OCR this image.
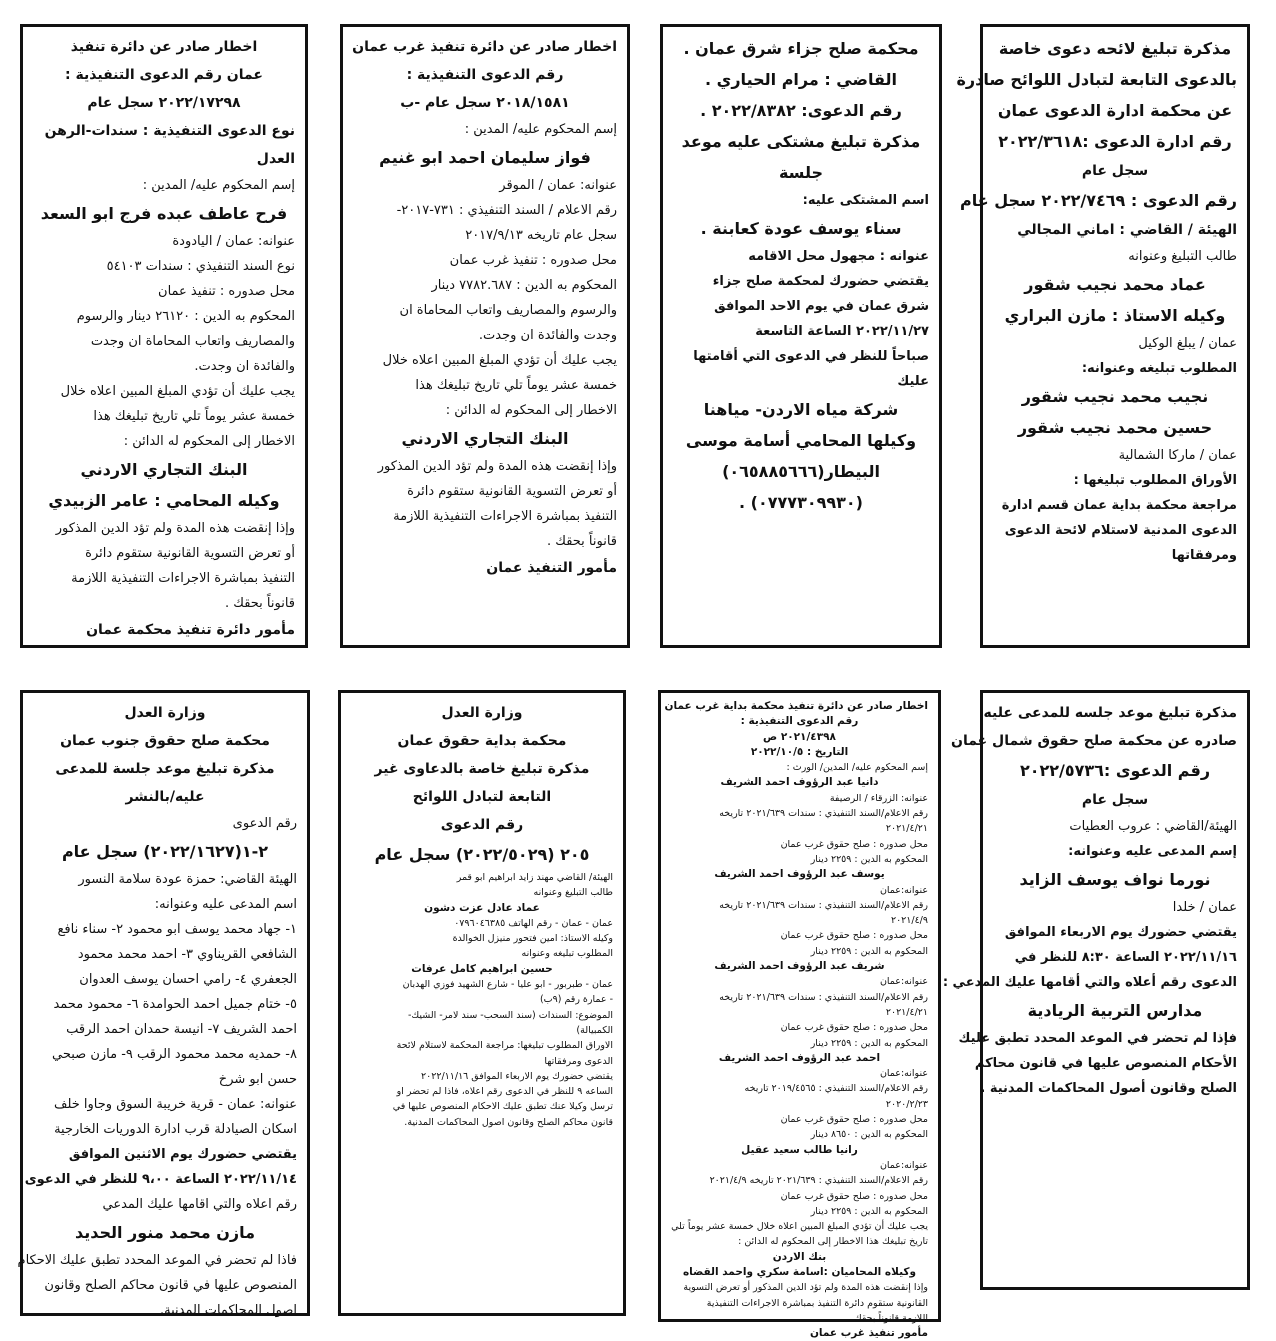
مذكرة تبليغ لائحه دعوى خاصة
بالدعوى التابعة لتبادل اللوائح صادرة
عن محكمة ادارة الدعوى عمان
رقم ادارة الدعوى :٢٠٢٢/٣٦١٨
سجل عام
رقم الدعوى : ٢٠٢٢/٧٤٦٩ سجل عام
الهيئة / القاضي : اماني المجالي
طالب التبليغ وعنوانه
عماد محمد نجيب شقور
وكيله الاستاذ : مازن البراري
عمان / يبلغ الوكيل
المطلوب تبليغه وعنوانه:
نجيب محمد نجيب شقور
حسين محمد نجيب شقور
عمان / ماركا الشمالية
الأوراق المطلوب تبليغها :
مراجعة محكمة بداية عمان قسم ادارة
الدعوى المدنية لاستلام لائحة الدعوى
ومرفقاتها
محكمة صلح جزاء شرق عمان .
القاضي : مرام الحياري .
رقم الدعوى: ٢٠٢٢/٨٣٨٢ .
مذكرة تبليغ مشتكى عليه موعد
جلسة
اسم المشتكى عليه:
سناء يوسف عودة كعابنة .
عنوانه : مجهول محل الاقامه
يقتضي حضورك لمحكمة صلح جزاء
شرق عمان في يوم الاحد الموافق
٢٠٢٢/١١/٢٧ الساعة التاسعة
صباحاً للنظر في الدعوى التي أقامتها
عليك
شركة مياه الاردن- مياهنا
وكيلها المحامي أسامة موسى
البيطار(٠٦٥٨٨٥٦٦٦)
(٠٧٧٧٣٠٩٩٣٠) .
اخطار صادر عن دائرة تنفيذ غرب عمان
رقم الدعوى التنفيذية :
٢٠١٨/١٥٨١ سجل عام -ب
إسم المحكوم عليه/ المدين :
فواز سليمان احمد ابو غنيم
عنوانه: عمان / الموقر
رقم الاعلام / السند التنفيذي : ٧٣١-٢٠١٧-
سجل عام تاريخه ٢٠١٧/٩/١٣
محل صدوره : تنفيذ غرب عمان
المحكوم به الدين : ٧٧٨٢.٦٨٧ دينار
والرسوم والمصاريف واتعاب المحاماة ان
وجدت والفائدة ان وجدت.
يجب عليك أن تؤدي المبلغ المبين اعلاه خلال
خمسة عشر يوماً تلي تاريخ تبليغك هذا
الاخطار إلى المحكوم له الدائن :
البنك التجاري الاردني
وإذا إنقضت هذه المدة ولم تؤد الدين المذكور
أو تعرض التسوية القانونية ستقوم دائرة
التنفيذ بمباشرة الاجراءات التنفيذية اللازمة
قانوناً بحقك .
مأمور التنفيذ عمان
اخطار صادر عن دائرة تنفيذ
عمان رقم الدعوى التنفيذية :
٢٠٢٢/١٧٢٩٨ سجل عام
نوع الدعوى التنفيذية : سندات-الرهن
العدل
إسم المحكوم عليه/ المدين :
فرح عاطف عبده فرج ابو السعد
عنوانه: عمان / اليادودة
نوع السند التنفيذي : سندات ٥٤١٠٣
محل صدوره : تنفيذ عمان
المحكوم به الدين : ٢٦١٢٠ دينار والرسوم
والمصاريف واتعاب المحاماة ان وجدت
والفائدة ان وجدت.
يجب عليك أن تؤدي المبلغ المبين اعلاه خلال
خمسة عشر يوماً تلي تاريخ تبليغك هذا
الاخطار إلى المحكوم له الدائن :
البنك التجاري الاردني
وكيله المحامي : عامر الزبيدي
وإذا إنقضت هذه المدة ولم تؤد الدين المذكور
أو تعرض التسوية القانونية ستقوم دائرة
التنفيذ بمباشرة الاجراءات التنفيذية اللازمة
قانوناً بحقك .
مأمور دائرة تنفيذ محكمة عمان
مذكرة تبليغ موعد جلسه للمدعى عليه
صادره عن محكمة صلح حقوق شمال عمان
رقم الدعوى :٢٠٢٢/٥٧٣٦
سجل عام
الهيئة/القاضي : عروب العطيات
إسم المدعى عليه وعنوانه:
نورما نواف يوسف الزايد
عمان / خلدا
يقتضي حضورك يوم الاربعاء الموافق
٢٠٢٢/١١/١٦ الساعة ٨:٣٠ للنظر في
الدعوى رقم أعلاه والتي أقامها عليك المدعي :
مدارس التربية الريادية
فإذا لم تحضر في الموعد المحدد تطبق عليك
الأحكام المنصوص عليها في قانون محاكم
الصلح وقانون أصول المحاكمات المدنية .
اخطار صادر عن دائرة تنفيذ محكمة بداية غرب عمان
رقم الدعوى التنفيذية :
٢٠٢١/٤٣٩٨ ص
التاريخ : ٢٠٢٢/١٠/٥
إسم المحكوم عليه/ المدين/ الورث :
دانيا عبد الرؤوف احمد الشريف
عنوانه: الزرقاء / الرصيفة
رقم الاعلام/السند التنفيذي : سندات ٢٠٢١/٦٣٩ تاريخه
٢٠٢١/٤/٢١
محل صدوره : صلح حقوق غرب عمان
المحكوم به الدين : ٢٢٥٩ دينار
يوسف عبد الرؤوف احمد الشريف
عنوانه:عمان
رقم الاعلام/السند التنفيذي : سندات ٢٠٢١/٦٣٩ تاريخه
٢٠٢١/٤/٩
محل صدوره : صلح حقوق غرب عمان
المحكوم به الدين : ٢٢٥٩ دينار
شريف عبد الرؤوف احمد الشريف
عنوانه:عمان
رقم الاعلام/السند التنفيذي : سندات ٢٠٢١/٦٣٩ تاريخه
٢٠٢١/٤/٢١
محل صدوره : صلح حقوق غرب عمان
المحكوم به الدين : ٢٢٥٩ دينار
احمد عبد الرؤوف احمد الشريف
عنوانه:عمان
رقم الاعلام/السند التنفيذي : ٢٠١٩/٤٥٦٥ تاريخه
٢٠٢٠/٢/٢٣
محل صدوره : صلح حقوق غرب عمان
المحكوم به الدين : ٨٦٥٠ دينار
رانيا طالب سعيد عقيل
عنوانه:عمان
رقم الاعلام/السند التنفيذي : ٢٠٢١/٦٣٩ تاريخه ٢٠٢١/٤/٩
محل صدوره : صلح حقوق غرب عمان
المحكوم به الدين : ٢٢٥٩ دينار
يجب عليك أن تؤدي المبلغ المبين اعلاه خلال خمسة عشر يوماً تلي
تاريخ تبليغك هذا الاخطار إلى المحكوم له الدائن :
بنك الاردن
وكيلاه المحاميان :اسامة سكري واحمد القضاه
وإذا إنقضت هذه المدة ولم تؤد الدين المذكور أو تعرض التسوية
القانونية ستقوم دائرة التنفيذ بمباشرة الاجراءات التنفيذية
اللازمة قانوناً بحقك .
مأمور تنفيذ غرب عمان
وزارة العدل
محكمة بداية حقوق عمان
مذكرة تبليغ خاصة بالدعاوى غير
التابعة لتبادل اللوائح
رقم الدعوى
٢٠٥ (٢٠٢٢/٥٠٢٩) سجل عام
الهيئة/ القاضي مهند زايد ابراهيم ابو قمر
طالب التبليغ وعنوانه
عماد عادل عزت دشون
عمان - عمان - رقم الهاتف ٠٧٩٦٠٤٦٣٨٥
وكيله الاستاذ: امين فتحور منيزل الخوالدة
المطلوب تبليغه وعنوانه
حسين ابراهيم كامل عرفات
عمان - طبربور - ابو عليا - شارع الشهيد فوزي الهدبان
- عمارة رقم (٩ب)
الموضوع: السندات (سند السحب- سند لامر- الشيك-
الكمبيالة)
الاوراق المطلوب تبليغها: مراجعة المحكمة لاستلام لائحة
الدعوى ومرفقاتها
يقتضي حضورك يوم الاربعاء الموافق ٢٠٢٢/١١/١٦
الساعه ٩ للنظر في الدعوى رقم اعلاه، فاذا لم تحضر او
ترسل وكيلا عنك تطبق عليك الاحكام المنصوص عليها في
قانون محاكم الصلح وقانون اصول المحاكمات المدنية.
وزارة العدل
محكمة صلح حقوق جنوب عمان
مذكرة تبليغ موعد جلسة للمدعى
عليه/بالنشر
رقم الدعوى
٢-١(٢٠٢٢/١٦٢٧) سجل عام
الهيئة القاضي: حمزة عودة سلامة النسور
اسم المدعى عليه وعنوانه:
١- جهاد محمد يوسف ابو محمود ٢- سناء نافع
الشافعي القريناوي ٣- احمد محمد محمود
الجعفري ٤- رامي احسان يوسف العدوان
٥- ختام جميل احمد الحوامدة ٦- محمود محمد
احمد الشريف ٧- انيسة حمدان احمد الرقب
٨- حمديه محمد محمود الرقب ٩- مازن صبحي
حسن ابو شرخ
عنوانه: عمان - قرية خريبة السوق وجاوا خلف
اسكان الصيادلة قرب ادارة الدوريات الخارجية
يقتضي حضورك يوم الاثنين الموافق
٢٠٢٢/١١/١٤ الساعة ٩،٠٠ للنظر في الدعوى
رقم اعلاه والتي اقامها عليك المدعي
مازن محمد منور الحديد
فاذا لم تحضر في الموعد المحدد تطبق عليك الاحكام
المنصوص عليها في قانون محاكم الصلح وقانون
اصول المحاكمات المدنية.
